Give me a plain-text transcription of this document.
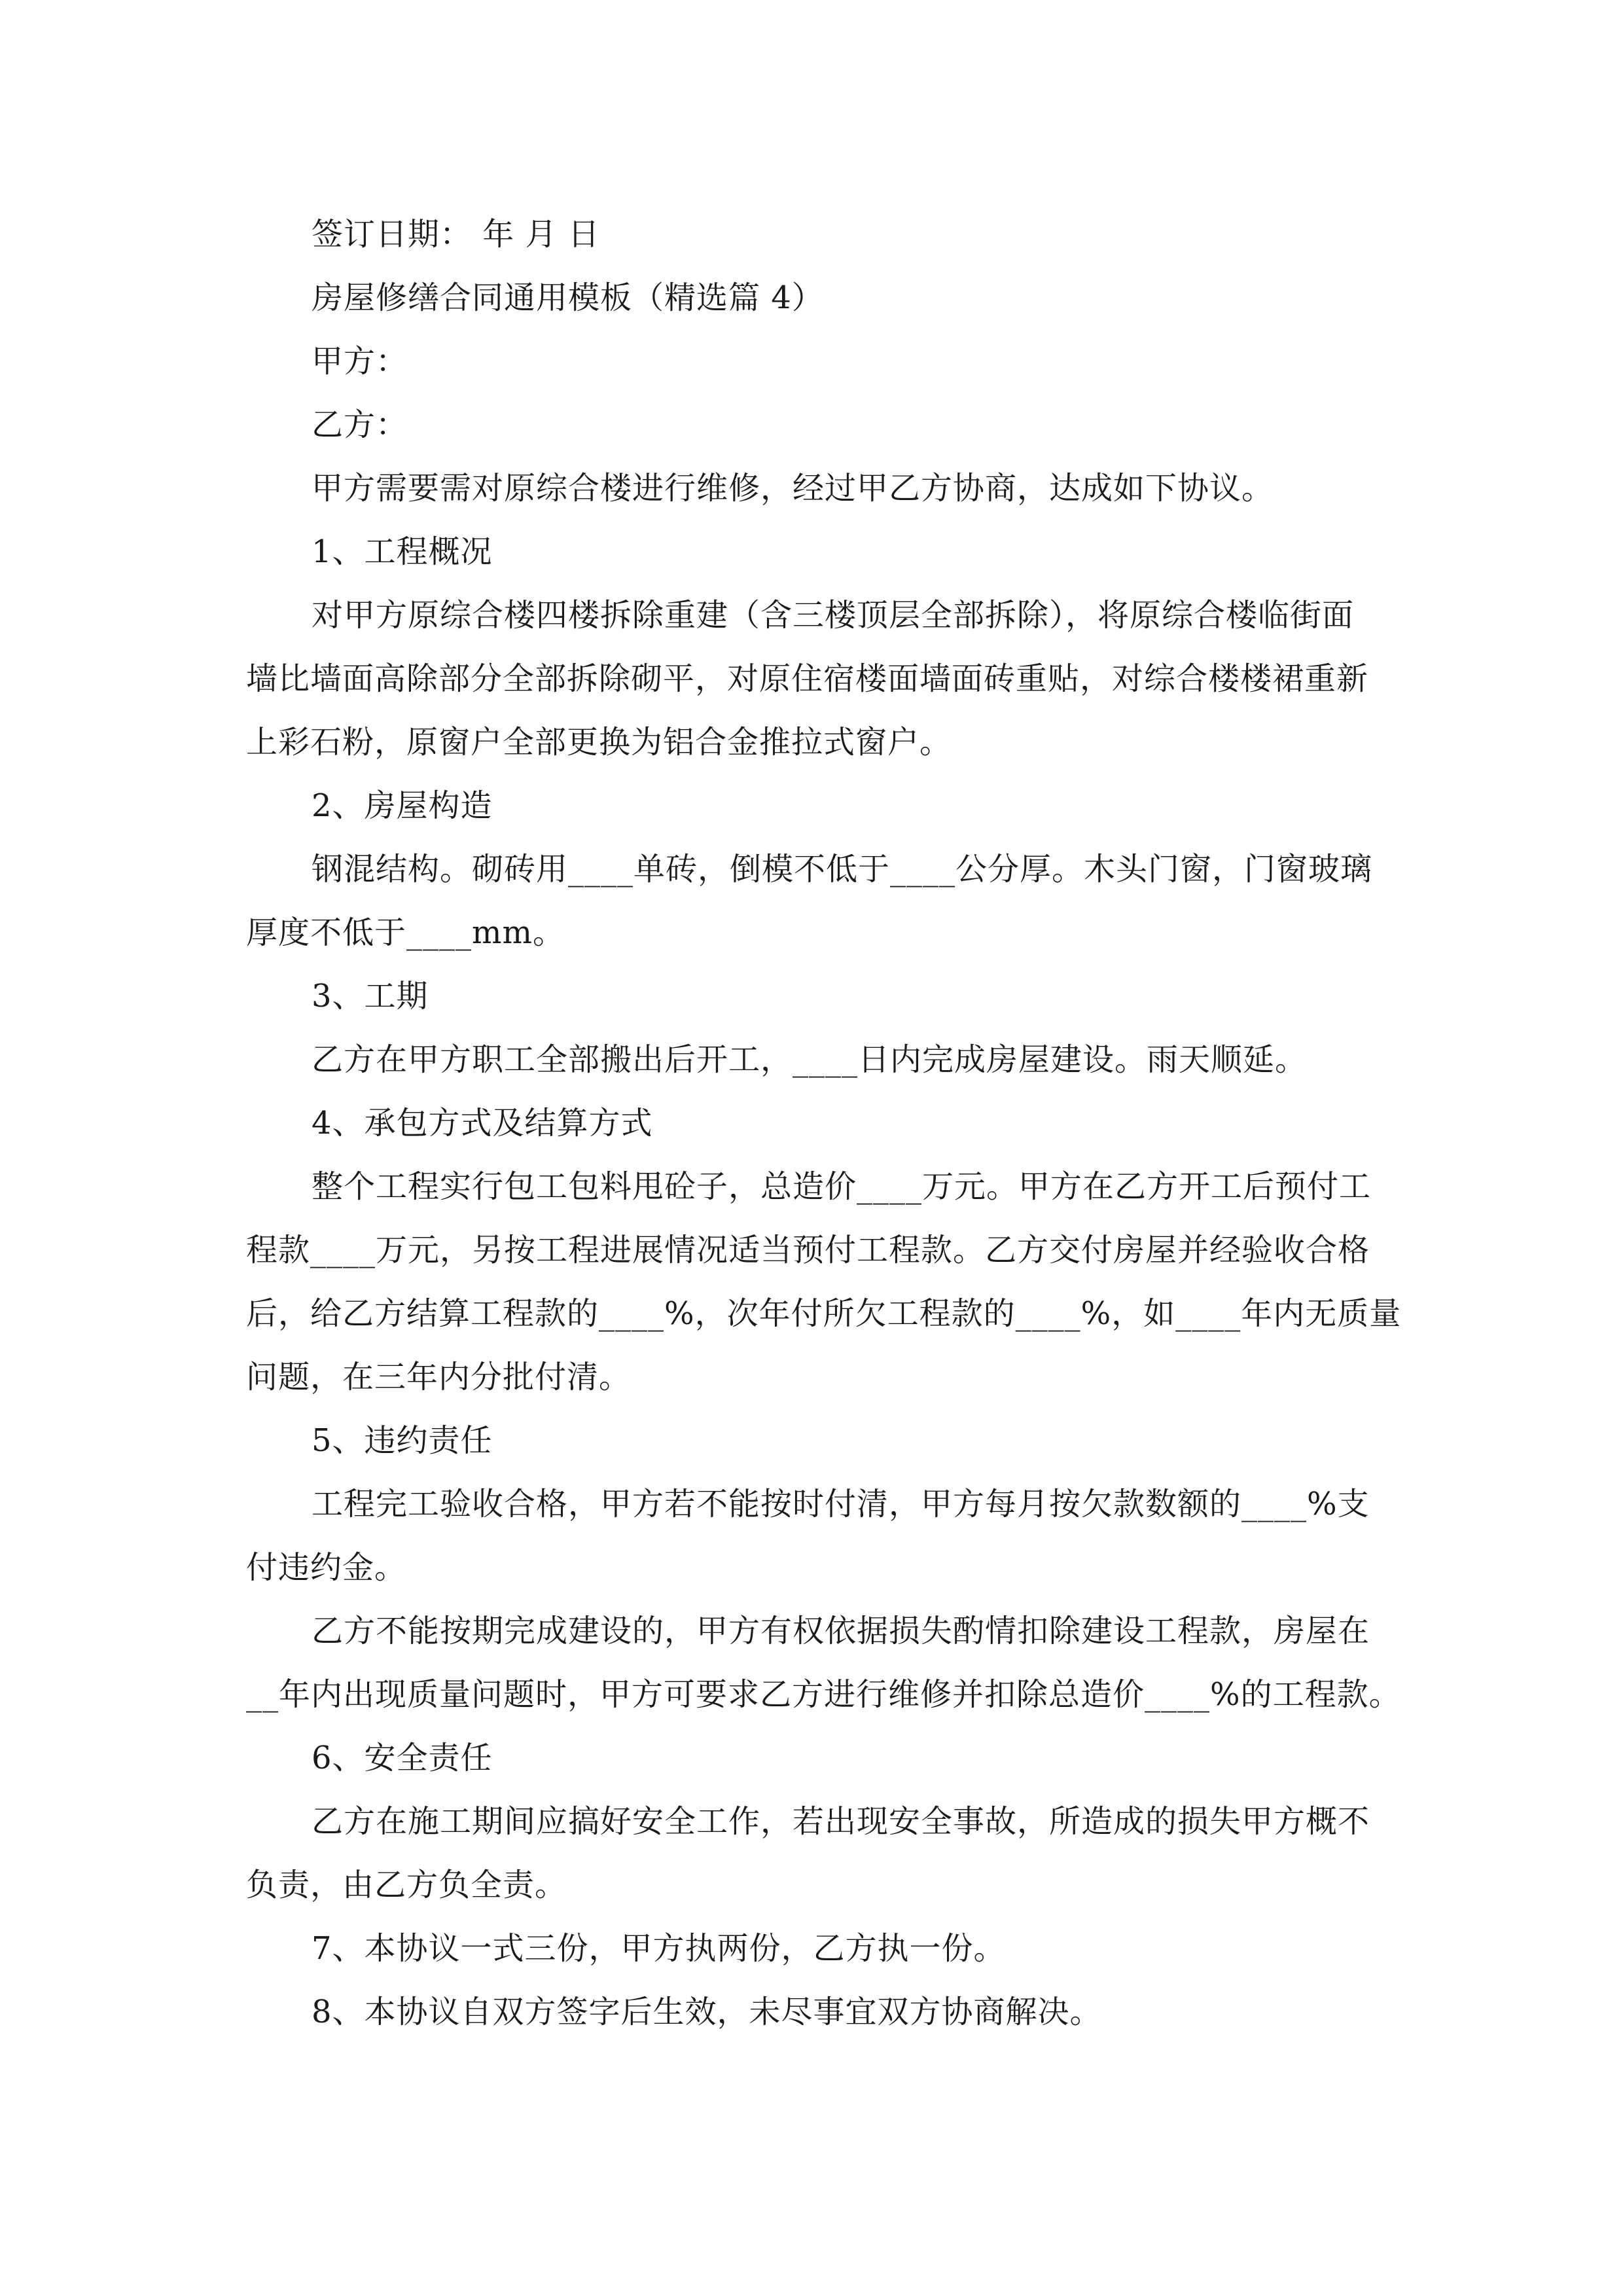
签订日期： 年 月 日

房屋修缮合同通用模板（精选篇 4）

甲方：

乙方：

甲方需要需对原综合楼进行维修，经过甲乙方协商，达成如下协议。

1、工程概况

对甲方原综合楼四楼拆除重建（含三楼顶层全部拆除），将原综合楼临街面

墙比墙面高除部分全部拆除砌平，对原住宿楼面墙面砖重贴，对综合楼楼裙重新

上彩石粉，原窗户全部更换为铝合金推拉式窗户。

2、房屋构造

钢混结构。砌砖用____单砖，倒模不低于____公分厚。木头门窗，门窗玻璃

厚度不低于____mm。

3、工期

乙方在甲方职工全部搬出后开工，____日内完成房屋建设。雨天顺延。

4、承包方式及结算方式

整个工程实行包工包料甩砼子，总造价____万元。甲方在乙方开工后预付工

程款____万元，另按工程进展情况适当预付工程款。乙方交付房屋并经验收合格

后，给乙方结算工程款的____%，次年付所欠工程款的____%，如____年内无质量

问题，在三年内分批付清。

5、违约责任

工程完工验收合格，甲方若不能按时付清，甲方每月按欠款数额的____%支

付违约金。

乙方不能按期完成建设的，甲方有权依据损失酌情扣除建设工程款，房屋在

__年内出现质量问题时，甲方可要求乙方进行维修并扣除总造价____%的工程款。

6、安全责任

乙方在施工期间应搞好安全工作，若出现安全事故，所造成的损失甲方概不

负责，由乙方负全责。

7、本协议一式三份，甲方执两份，乙方执一份。

8、本协议自双方签字后生效，未尽事宜双方协商解决。
